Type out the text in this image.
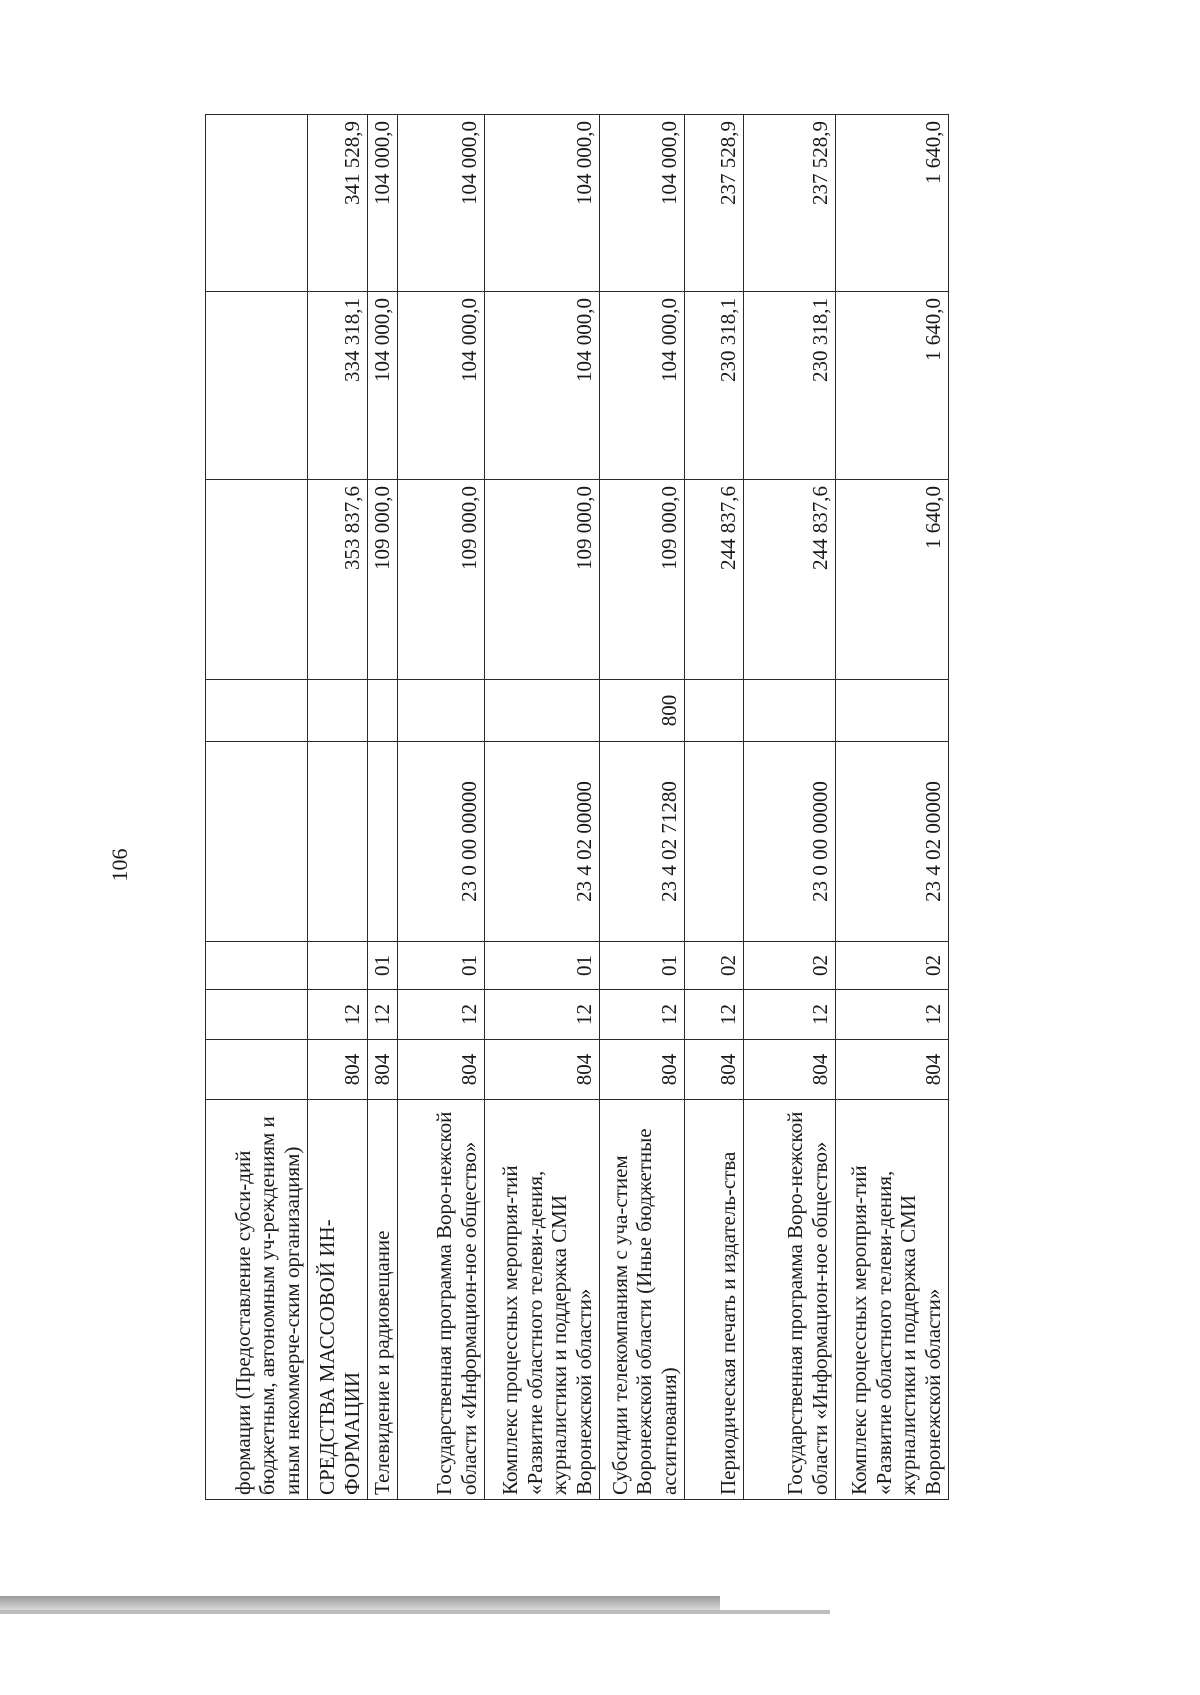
106
формации (Предоставление субси-дий бюджетным, автономным уч-реждениям и иным некоммерче-ским организациям)								
СРЕДСТВА МАССОВОЙ ИН-ФОРМАЦИИ	804	12				353 837,6	334 318,1	341 528,9
Телевидение и радиовещание	804	12	01			109 000,0	104 000,0	104 000,0
Государственная программа Воро-нежской области «Информацион-ное общество»	804	12	01	23 0 00 00000		109 000,0	104 000,0	104 000,0
Комплекс процессных мероприя-тий «Развитие областного телеви-дения, журналистики и поддержка СМИ Воронежской области»	804	12	01	23 4 02 00000		109 000,0	104 000,0	104 000,0
Субсидии телекомпаниям с уча-стием Воронежской области (Иные бюджетные ассигнования)	804	12	01	23 4 02 71280	800	109 000,0	104 000,0	104 000,0
Периодическая печать и издатель-ства	804	12	02			244 837,6	230 318,1	237 528,9
Государственная программа Воро-нежской области «Информацион-ное общество»	804	12	02	23 0 00 00000		244 837,6	230 318,1	237 528,9
Комплекс процессных мероприя-тий «Развитие областного телеви-дения, журналистики и поддержка СМИ Воронежской области»	804	12	02	23 4 02 00000		1 640,0	1 640,0	1 640,0
